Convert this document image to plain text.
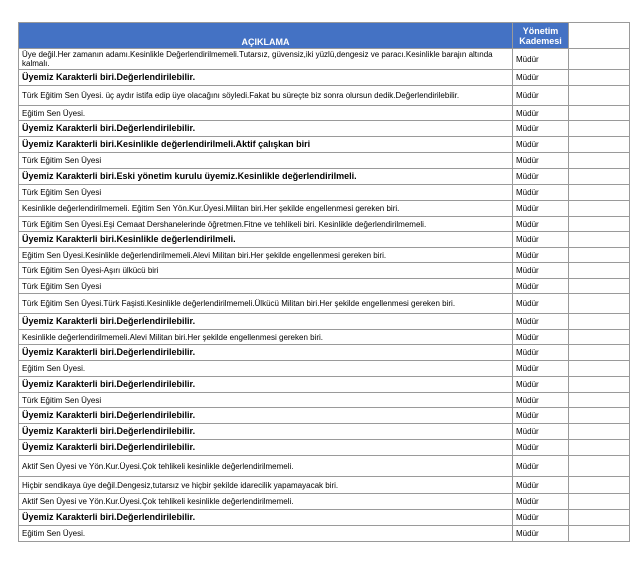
AÇIKLAMA	Yönetim Kademesi	
Üye değil.Her zamanın adamı.Kesinlikle Değerlendirilmemeli.Tutarsız, güvensiz,iki yüzlü,dengesiz ve paracı.Kesinlikle barajın altında kalmalı.	Müdür	
Üyemiz Karakterli biri.Değerlendirilebilir.	Müdür	
Türk Eğitim Sen Üyesi. üç aydır istifa edip üye olacağını söyledi.Fakat bu süreçte biz sonra olursun dedik.Değerlendirilebilir.	Müdür	
Eğitim Sen Üyesi.	Müdür	
Üyemiz Karakterli biri.Değerlendirilebilir.	Müdür	
Üyemiz Karakterli biri.Kesinlikle değerlendirilmeli.Aktif çalışkan biri	Müdür	
Türk Eğitim Sen Üyesi	Müdür	
Üyemiz Karakterli biri.Eski yönetim kurulu üyemiz.Kesinlikle değerlendirilmeli.	Müdür	
Türk Eğitim Sen Üyesi	Müdür	
Kesinlikle değerlendirilmemeli. Eğitim Sen Yön.Kur.Üyesi.Militan biri.Her şekilde engellenmesi gereken biri.	Müdür	
Türk Eğitim Sen Üyesi.Eşi Cemaat Dershanelerinde öğretmen.Fitne ve tehlikeli biri. Kesinlikle değerlendirilmemeli.	Müdür	
Üyemiz Karakterli biri.Kesinlikle değerlendirilmeli.	Müdür	
Eğitim Sen Üyesi.Kesinlikle değerlendirilmemeli.Alevi Militan biri.Her şekilde engellenmesi gereken biri.	Müdür	
Türk Eğitim Sen Üyesi-Aşırı ülkücü biri	Müdür	
Türk Eğitim Sen Üyesi	Müdür	
Türk Eğitim Sen Üyesi.Türk Faşisti.Kesinlikle değerlendirilmemeli.Ülkücü Militan biri.Her şekilde engellenmesi gereken biri.	Müdür	
Üyemiz Karakterli biri.Değerlendirilebilir.	Müdür	
Kesinlikle değerlendirilmemeli.Alevi Militan biri.Her şekilde engellenmesi gereken biri.	Müdür	
Üyemiz Karakterli biri.Değerlendirilebilir.	Müdür	
Eğitim Sen Üyesi.	Müdür	
Üyemiz Karakterli biri.Değerlendirilebilir.	Müdür	
Türk Eğitim Sen Üyesi	Müdür	
Üyemiz Karakterli biri.Değerlendirilebilir.	Müdür	
Üyemiz Karakterli biri.Değerlendirilebilir.	Müdür	
Üyemiz Karakterli biri.Değerlendirilebilir.	Müdür	
Aktif Sen Üyesi ve Yön.Kur.Üyesi.Çok tehlikeli kesinlikle değerlendirilmemeli.	Müdür	
Hiçbir sendikaya üye değil.Dengesiz,tutarsız ve hiçbir şekilde idarecilik yapamayacak biri.	Müdür	
Aktif Sen Üyesi ve Yön.Kur.Üyesi.Çok tehlikeli kesinlikle değerlendirilmemeli.	Müdür	
Üyemiz Karakterli biri.Değerlendirilebilir.	Müdür	
Eğitim Sen Üyesi.	Müdür	
